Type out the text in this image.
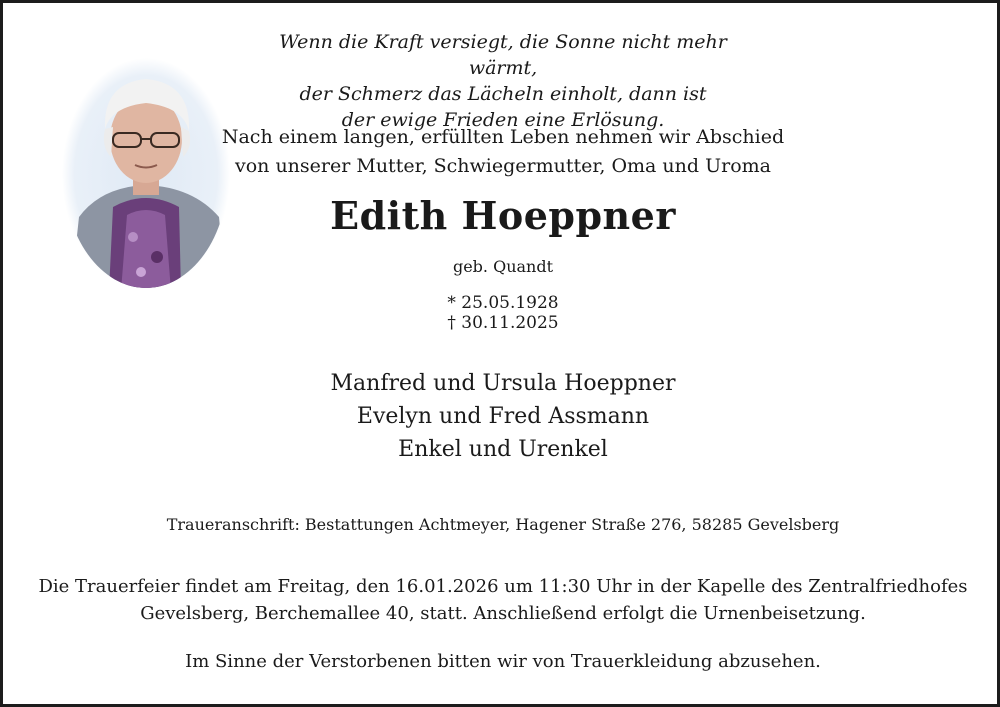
Wenn die Kraft versiegt, die Sonne nicht mehr wärmt,
der Schmerz das Lächeln einholt, dann ist
der ewige Frieden eine Erlösung.
Nach einem langen, erfüllten Leben nehmen wir Abschied
von unserer Mutter, Schwiegermutter, Oma und Uroma
Edith Hoeppner
geb. Quandt
* 25.05.1928 † 30.11.2025
Manfred und Ursula Hoeppner
Evelyn und Fred Assmann
Enkel und Urenkel
Traueranschrift: Bestattungen Achtmeyer, Hagener Straße 276, 58285 Gevelsberg
Die Trauerfeier findet am Freitag, den 16.01.2026 um 11:30 Uhr in der Kapelle des Zentralfriedhofes
Gevelsberg, Berchemallee 40, statt. Anschließend erfolgt die Urnenbeisetzung.
Im Sinne der Verstorbenen bitten wir von Trauerkleidung abzusehen.
